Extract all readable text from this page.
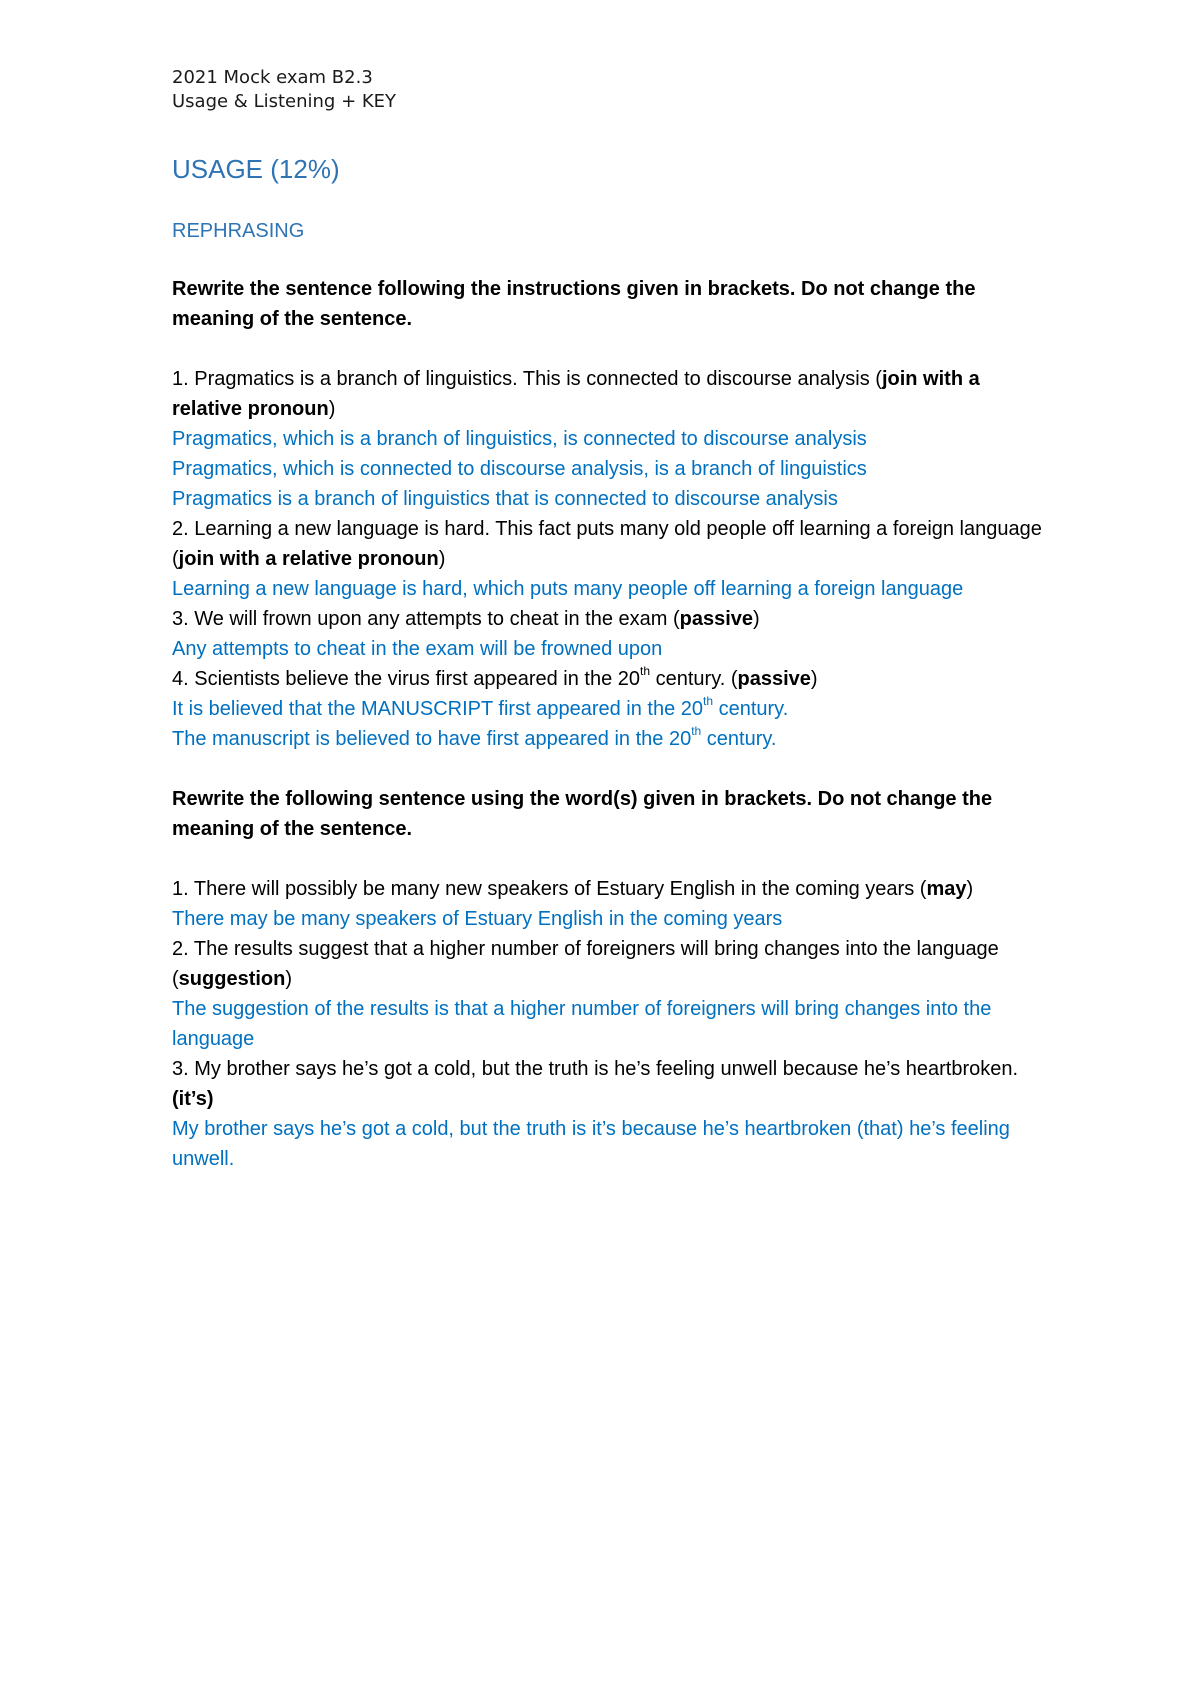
2021 Mock exam B2.3
Usage & Listening + KEY
USAGE (12%)
REPHRASING
Rewrite the sentence following the instructions given in brackets. Do not change the meaning of the sentence.
1. Pragmatics is a branch of linguistics. This is connected to discourse analysis (join with a relative pronoun)
Pragmatics, which is a branch of linguistics, is connected to discourse analysis
Pragmatics, which is connected to discourse analysis, is a branch of linguistics
Pragmatics is a branch of linguistics that is connected to discourse analysis
2. Learning a new language is hard. This fact puts many old people off learning a foreign language (join with a relative pronoun)
Learning a new language is hard, which puts many people off learning a foreign language
3. We will frown upon any attempts to cheat in the exam (passive)
Any attempts to cheat in the exam will be frowned upon
4. Scientists believe the virus first appeared in the 20th century. (passive)
It is believed that the MANUSCRIPT first appeared in the 20th century.
The manuscript is believed to have first appeared in the 20th century.
Rewrite the following sentence using the word(s) given in brackets. Do not change the meaning of the sentence.
1. There will possibly be many new speakers of Estuary English in the coming years (may)
There may be many speakers of Estuary English in the coming years
2. The results suggest that a higher number of foreigners will bring changes into the language (suggestion)
The suggestion of the results is that a higher number of foreigners will bring changes into the language
3. My brother says he’s got a cold, but the truth is he’s feeling unwell because he’s heartbroken. (it’s)
My brother says he’s got a cold, but the truth is it’s because he’s heartbroken (that) he’s feeling unwell.
